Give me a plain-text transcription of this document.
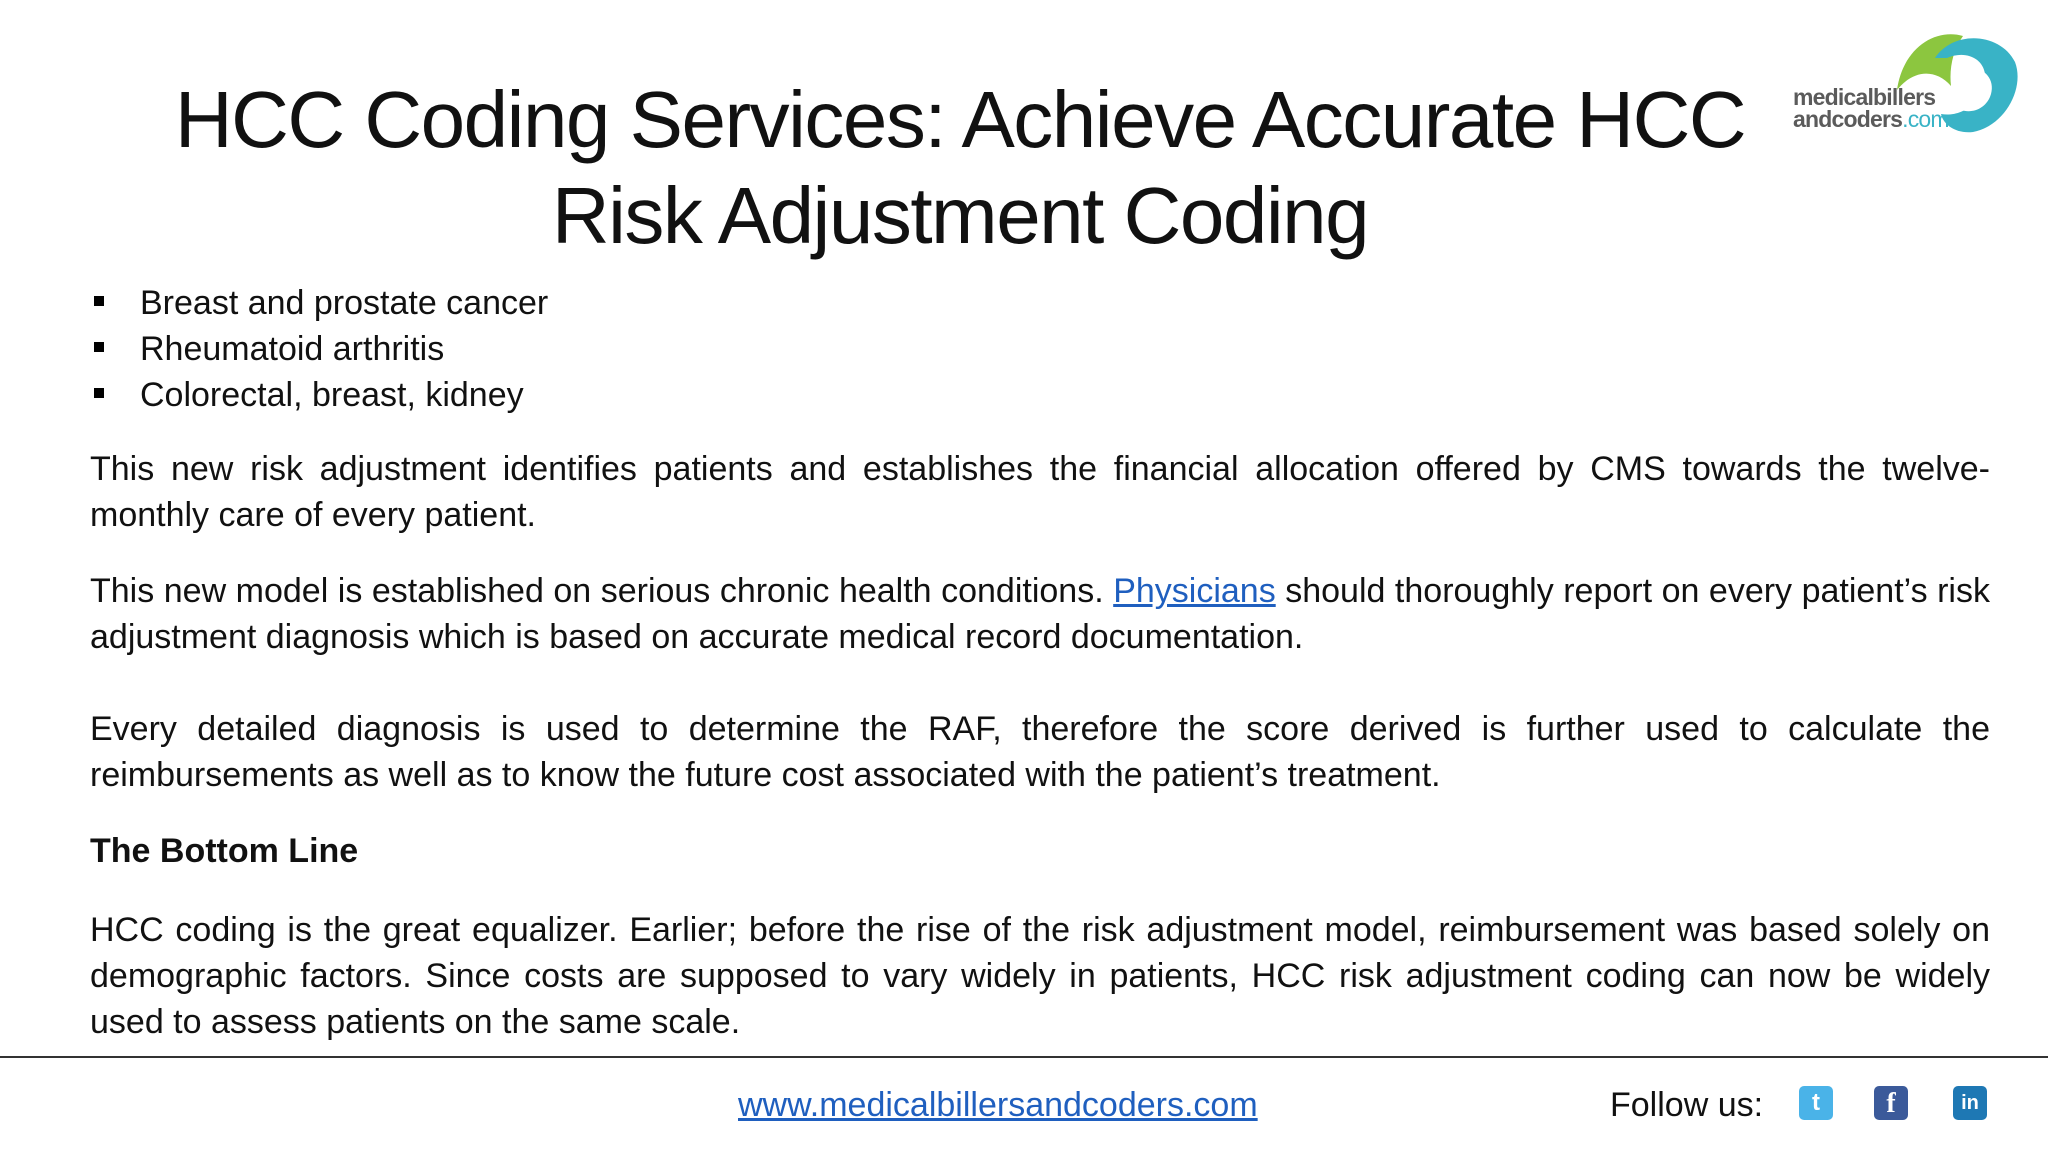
HCC Coding Services: Achieve Accurate HCC
Risk Adjustment Coding
medicalbillers
andcoders.com
Breast and prostate cancer
Rheumatoid arthritis
Colorectal, breast, kidney

This new risk adjustment identifies patients and establishes the financial allocation offered by CMS towards the twelve-monthly care of every patient.

This new model is established on serious chronic health conditions. Physicians should thoroughly report on every patient’s risk adjustment diagnosis which is based on accurate medical record documentation.

Every detailed diagnosis is used to determine the RAF, therefore the score derived is further used to calculate the reimbursements as well as to know the future cost associated with the patient’s treatment.

The Bottom Line

HCC coding is the great equalizer. Earlier; before the rise of the risk adjustment model, reimbursement was based solely on demographic factors. Since costs are supposed to vary widely in patients, HCC risk adjustment coding can now be widely used to assess patients on the same scale.

www.medicalbillersandcoders.com	Follow us:	t	f	in
